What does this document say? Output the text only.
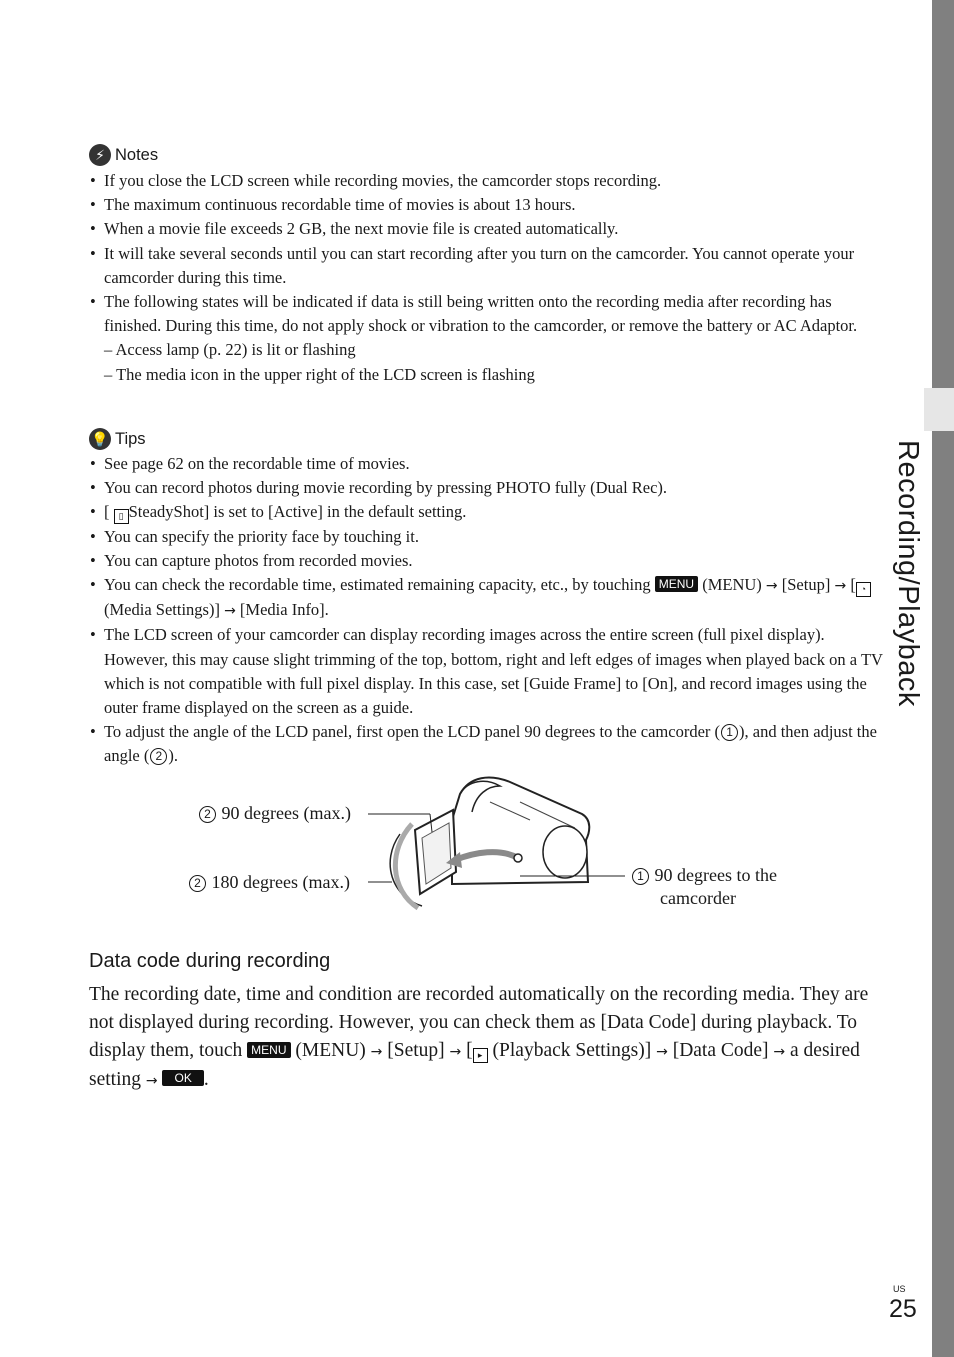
Recording/Playback
⚡ Notes
• If you close the LCD screen while recording movies, the camcorder stops recording.
• The maximum continuous recordable time of movies is about 13 hours.
• When a movie file exceeds 2 GB, the next movie file is created automatically.
• It will take several seconds until you can start recording after you turn on the camcorder. You cannot operate your camcorder during this time.
• The following states will be indicated if data is still being written onto the recording media after recording has finished. During this time, do not apply shock or vibration to the camcorder, or remove the battery or AC Adaptor.
– Access lamp (p. 22) is lit or flashing
– The media icon in the upper right of the LCD screen is flashing
💡 Tips
• See page 62 on the recordable time of movies.
• You can record photos during movie recording by pressing PHOTO fully (Dual Rec).
• [ ▯ SteadyShot] is set to [Active] in the default setting.
• You can specify the priority face by touching it.
• You can capture photos from recorded movies.
• You can check the recordable time, estimated remaining capacity, etc., by touching MENU (MENU) → [Setup] → [ ◔ (Media Settings)] → [Media Info].
• The LCD screen of your camcorder can display recording images across the entire screen (full pixel display). However, this may cause slight trimming of the top, bottom, right and left edges of images when played back on a TV which is not compatible with full pixel display. In this case, set [Guide Frame] to [On], and record images using the outer frame displayed on the screen as a guide.
• To adjust the angle of the LCD panel, first open the LCD panel 90 degrees to the camcorder ( 1 ), and then adjust the angle ( 2 ).
2 90 degrees (max.)
2 180 degrees (max.)	1 90 degrees to the
camcorder
Data code during recording

The recording date, time and condition are recorded automatically on the recording media. They are not displayed during recording. However, you can check them as [Data Code] during playback. To display them, touch MENU (MENU) → [Setup] → [ ▸ (Playback Settings)] → [Data Code] → a desired setting → OK .

US
25
